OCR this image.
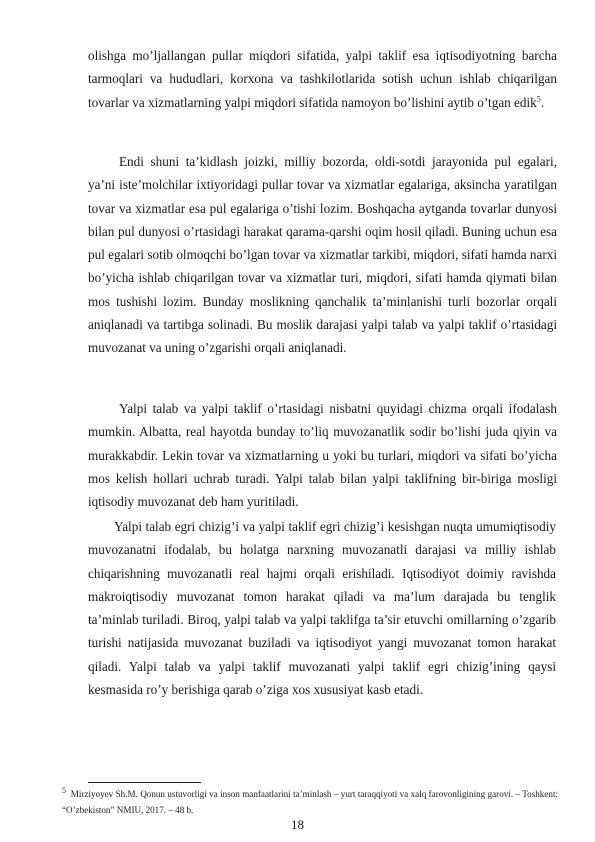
olishga mo’ljallangan pullar miqdori sifatida, yalpi taklif esa iqtisodiyotning barcha tarmoqlari va hududlari, korxona va tashkilotlarida sotish uchun ishlab chiqarilgan tovarlar va xizmatlarning yalpi miqdori sifatida namoyon bo’lishini aytib o’tgan edik$^5$.
Endi shuni ta’kidlash joizki, milliy bozorda, oldi-sotdi jarayonida pul egalari, ya’ni iste’molchilar ixtiyoridagi pullar tovar va xizmatlar egalariga, aksincha yaratilgan tovar va xizmatlar esa pul egalariga o’tishi lozim. Boshqacha aytganda tovarlar dunyosi bilan pul dunyosi o’rtasidagi harakat qarama-qarshi oqim hosil qiladi. Buning uchun esa pul egalari sotib olmoqchi bo’lgan tovar va xizmatlar tarkibi, miqdori, sifati hamda narxi bo’yicha ishlab chiqarilgan tovar va xizmatlar turi, miqdori, sifati hamda qiymati bilan mos tushishi lozim. Bunday moslikning qanchalik ta’minlanishi turli bozorlar orqali aniqlanadi va tartibga solinadi. Bu moslik darajasi yalpi talab va yalpi taklif o’rtasidagi muvozanat va uning o’zgarishi orqali aniqlanadi.
Yalpi talab va yalpi taklif o’rtasidagi nisbatni quyidagi chizma orqali ifodalash mumkin. Albatta, real hayotda bunday to’liq muvozanatlik sodir bo’lishi juda qiyin va murakkabdir. Lekin tovar va xizmatlarning u yoki bu turlari, miqdori va sifati bo’yicha mos kelish hollari uchrab turadi. Yalpi talab bilan yalpi taklifning bir-biriga mosligi iqtisodiy muvozanat deb ham yuritiladi.
Yalpi talab egri chizig’i va yalpi taklif egri chizig’i kesishgan nuqta umumiqtisodiy muvozanatni ifodalab, bu holatga narxning muvozanatli darajasi va milliy ishlab chiqarishning muvozanatli real hajmi orqali erishiladi. Iqtisodiyot doimiy ravishda makroiqtisodiy muvozanat tomon harakat qiladi va ma’lum darajada bu tenglik ta’minlab turiladi. Biroq, yalpi talab va yalpi taklifga ta’sir etuvchi omillarning o’zgarib turishi natijasida muvozanat buziladi va iqtisodiyot yangi muvozanat tomon harakat qiladi. Yalpi talab va yalpi taklif muvozanati yalpi taklif egri chizig’ining qaysi kesmasida ro’y berishiga qarab o’ziga xos xususiyat kasb etadi.
$^5$ Mirziyoyev Sh.M. Qonun ustuvorligi va inson manfaatlarini ta’minlash – yurt taraqqiyoti va xalq farovonligining garovi. – Toshkent: “O’zbekiston” NMIU, 2017. – 48 b.
18
